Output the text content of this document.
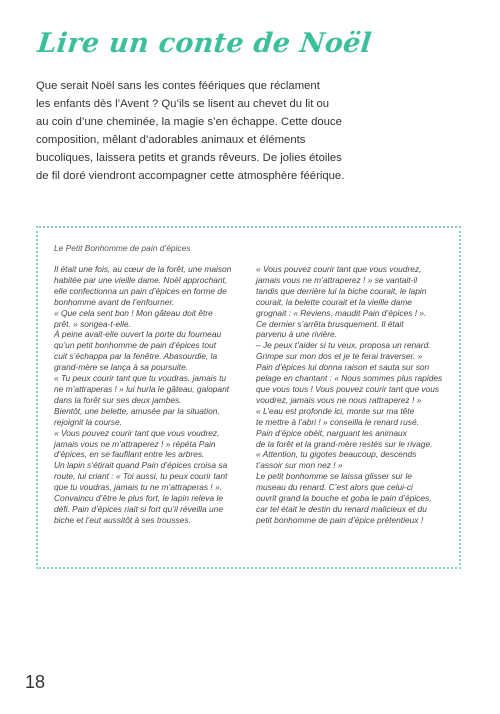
Lire un conte de Noël
Que serait Noël sans les contes féériques que réclament
les enfants dès l’Avent ? Qu’ils se lisent au chevet du lit ou
au coin d’une cheminée, la magie s’en échappe. Cette douce
composition, mêlant d’adorables animaux et éléments
bucoliques, laissera petits et grands rêveurs. De jolies étoiles
de fil doré viendront accompagner cette atmosphère féérique.

Le Petit Bonhomme de pain d’épices

Il était une fois, au cœur de la forêt, une maison
habitée par une vieille dame. Noël approchant,
elle confectionna un pain d’épices en forme de
bonhomme avant de l’enfourner.
« Que cela sent bon ! Mon gâteau doit être
prêt. » songea-t-elle.
À peine avait-elle ouvert la porte du fourneau
qu’un petit bonhomme de pain d’épices tout
cuit s’échappa par la fenêtre. Abasourdie, la
grand-mère se lança à sa poursuite.
« Tu peux courir tant que tu voudras, jamais tu
ne m’attraperas ! » lui hurla le gâteau, galopant
dans la forêt sur ses deux jambes.
Bientôt, une belette, amusée par la situation,
rejoignit la course.
« Vous pouvez courir tant que vous voudrez,
jamais vous ne m’attraperez ! » répéta Pain
d’épices, en se faufilant entre les arbres.
Un lapin s’étirait quand Pain d’épices croisa sa
route, lui criant : « Toi aussi, tu peux courir tant
que tu voudras, jamais tu ne m’attraperas ! ».
Convaincu d’être le plus fort, le lapin releva le
défi. Pain d’épices riait si fort qu’il réveilla une
biche et l’eut aussitôt à ses trousses.
« Vous pouvez courir tant que vous voudrez,
jamais vous ne m’attraperez ! » se vantait-il
tandis que derrière lui la biche courait, le lapin
courait, la belette courait et la vieille dame
grognait : « Reviens, maudit Pain d’épices ! ».
Ce dernier s’arrêta brusquement. Il était
parvenu à une rivière.
– Je peux t’aider si tu veux, proposa un renard.
Grimpe sur mon dos et je te ferai traverser. »
Pain d’épices lui donna raison et sauta sur son
pelage en chantant : « Nous sommes plus rapides
que vous tous ! Vous pouvez courir tant que vous
voudrez, jamais vous ne nous rattraperez ! »
« L’eau est profonde ici, monte sur ma tête
te mettre à l’abri ! » conseilla le renard rusé.
Pain d’épice obéit, narguant les animaux
de la forêt et la grand-mère restés sur le rivage.
« Attention, tu gigotes beaucoup, descends
t’assoir sur mon nez ! »
Le petit bonhomme se laissa glisser sur le
museau du renard. C’est alors que celui-ci
ouvrit grand la bouche et goba le pain d’épices,
car tel était le destin du renard malicieux et du
petit bonhomme de pain d’épice prétentieux !
18
